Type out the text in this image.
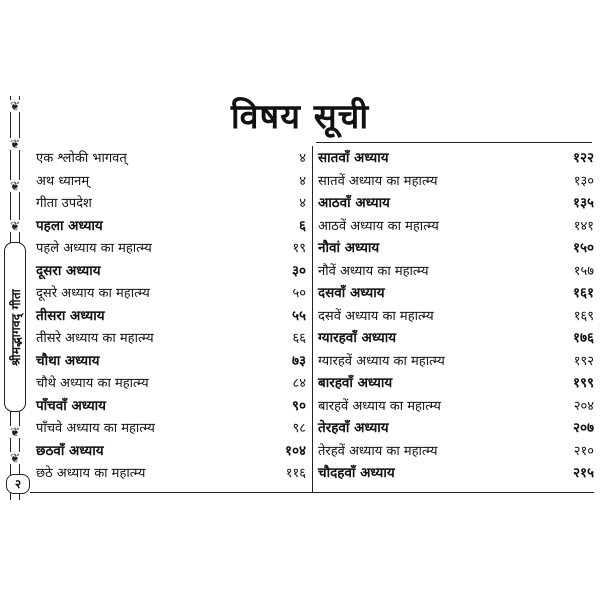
❦
❦
❦
❦
श्रीमद्भागवद् गीता
❦
❦
२
विषय सूची
एक श्लोकी भागवत्	४
अथ ध्यानम्	४
गीता उपदेश	४
पहला अध्याय	६
पहले अध्याय का महात्म्य	१९
दूसरा अध्याय	३०
दूसरे अध्याय का महात्म्य	५०
तीसरा अध्याय	५५
तीसरे अध्याय का महात्म्य	६६
चौथा अध्याय	७३
चौथे अध्याय का महात्म्य	८४
पाँचवाँ अध्याय	९०
पाँचवे अध्याय का महात्म्य	९८
छठवाँ अध्याय	१०४
छठे अध्याय का महात्म्य	११६
सातवाँ अध्याय	१२२
सातवें अध्याय का महात्म्य	१३०
आठवाँ अध्याय	१३५
आठवें अध्याय का महात्म्य	१४१
नौवां अध्याय	१५०
नौवें अध्याय का महात्म्य	१५७
दसवाँ अध्याय	१६१
दसवें अध्याय का महात्म्य	१६९
ग्यारहवाँ अध्याय	१७६
ग्यारहवें अध्याय का महात्म्य	१९२
बारहवाँ अध्याय	१९९
बारहवें अध्याय का महात्म्य	२०४
तेरहवाँ अध्याय	२०७
तेरहवें अध्याय का महात्म्य	२१०
चौदहवाँ अध्याय	२१५
